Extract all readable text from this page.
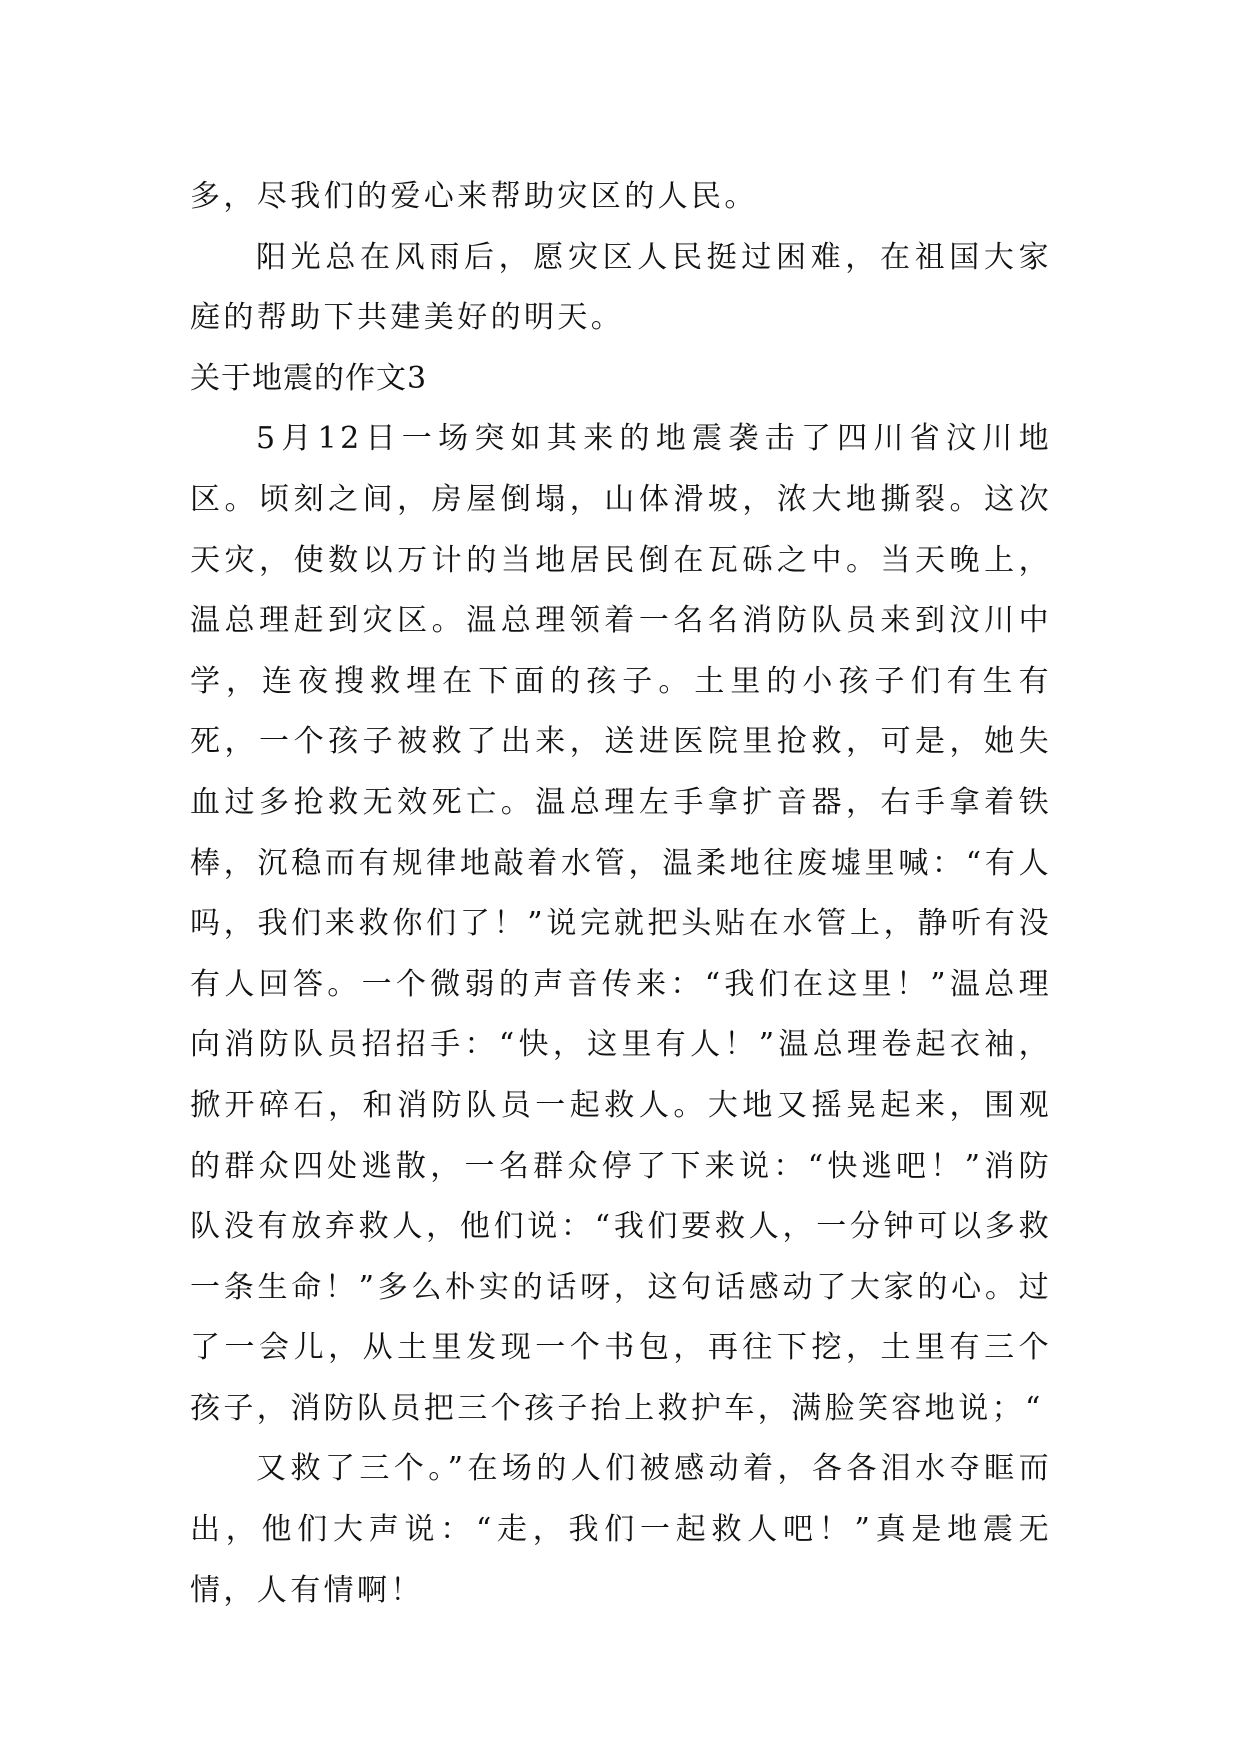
多，尽我们的爱心来帮助灾区的人民。

阳光总在风雨后，愿灾区人民挺过困难，在祖国大家庭的帮助下共建美好的明天。

关于地震的作文3

5月12日一场突如其来的地震袭击了四川省汶川地区。顷刻之间，房屋倒塌，山体滑坡，浓大地撕裂。这次天灾，使数以万计的当地居民倒在瓦砾之中。当天晚上，温总理赶到灾区。温总理领着一名名消防队员来到汶川中学，连夜搜救埋在下面的孩子。土里的小孩子们有生有死，一个孩子被救了出来，送进医院里抢救，可是，她失血过多抢救无效死亡。温总理左手拿扩音器，右手拿着铁棒，沉稳而有规律地敲着水管，温柔地往废墟里喊：“有人吗，我们来救你们了！”说完就把头贴在水管上，静听有没有人回答。一个微弱的声音传来：“我们在这里！”温总理向消防队员招招手：“快，这里有人！”温总理卷起衣袖，掀开碎石，和消防队员一起救人。大地又摇晃起来，围观的群众四处逃散，一名群众停了下来说：“快逃吧！”消防队没有放弃救人，他们说：“我们要救人，一分钟可以多救一条生命！”多么朴实的话呀，这句话感动了大家的心。过了一会儿，从土里发现一个书包，再往下挖，土里有三个孩子，消防队员把三个孩子抬上救护车，满脸笑容地说；“

又救了三个。”在场的人们被感动着，各各泪水夺眶而出，他们大声说：“走，我们一起救人吧！”真是地震无情，人有情啊！
